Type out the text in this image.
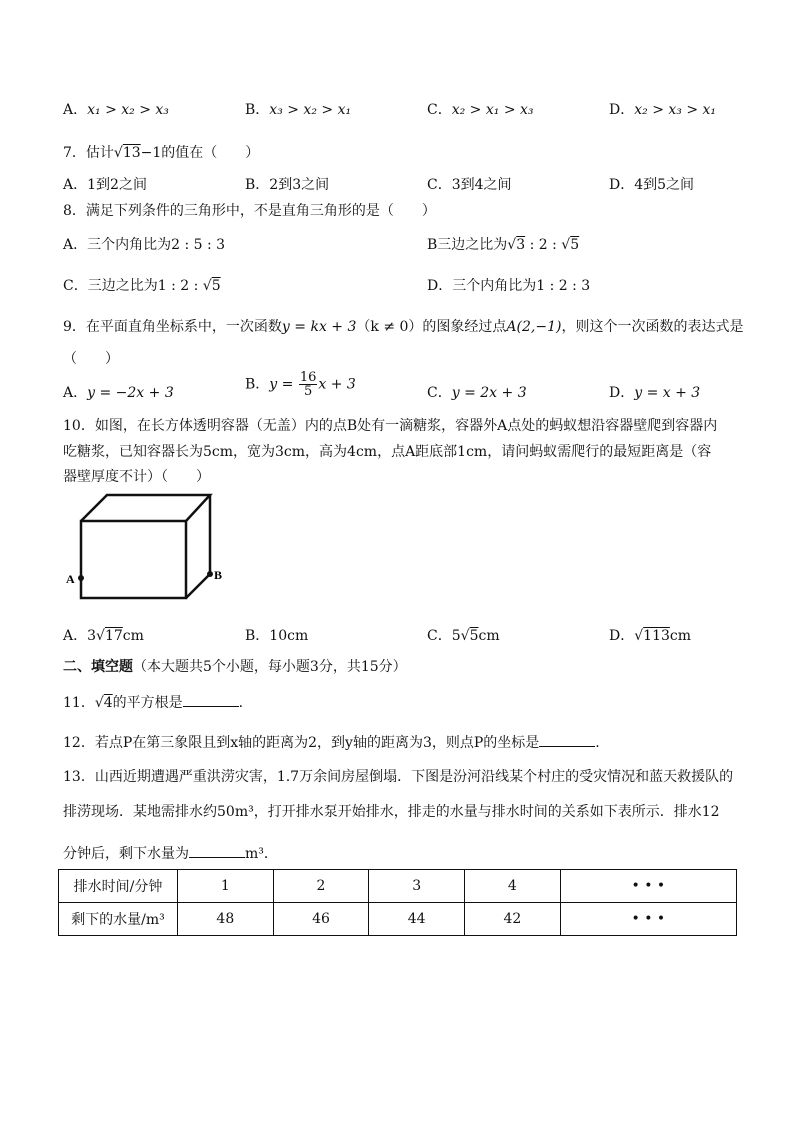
A．x₁ > x₂ > x₃	B．x₃ > x₂ > x₁	C．x₂ > x₁ > x₃	D．x₂ > x₃ > x₁
7．估计√13−1的值在（　　）
A．1到2之间	B．2到3之间	C．3到4之间	D．4到5之间
8．满足下列条件的三角形中，不是直角三角形的是（　　）
A．三个内角比为2 : 5 : 3	B三边之比为√3 : 2 : √5
C．三边之比为1 : 2 : √5	D．三个内角比为1 : 2 : 3
9．在平面直角坐标系中，一次函数y = kx + 3（k ≠ 0）的图象经过点A(2,−1)，则这个一次函数的表达式是
（　　）
A．y = −2x + 3
B．$y = \frac{16}{5}$ x + 3
C．y = 2x + 3	D．y = x + 3
10．如图，在长方体透明容器（无盖）内的点B处有一滴糖浆，容器外A点处的蚂蚁想沿容器壁爬到容器内
吃糖浆，已知容器长为5cm，宽为3cm，高为4cm，点A距底部1cm，请问蚂蚁需爬行的最短距离是（容
器壁厚度不计）（　　）
A	B
A．3√17cm	B．10cm	C．5√5cm	D．√113cm
二、填空题（本大题共5个小题，每小题3分，共15分）
11．√4的平方根是	.
12．若点P在第三象限且到x轴的距离为2，到y轴的距离为3，则点P的坐标是	.
13．山西近期遭遇严重洪涝灾害，1.7万余间房屋倒塌．下图是汾河沿线某个村庄的受灾情况和蓝天救援队的
排涝现场．某地需排水约50m³，打开排水泵开始排水，排走的水量与排水时间的关系如下表所示．排水12
分钟后，剩下水量为	m³．
排水时间/分钟	1	2	3	4	• • •
剩下的水量/m³	48	46	44	42	• • •
